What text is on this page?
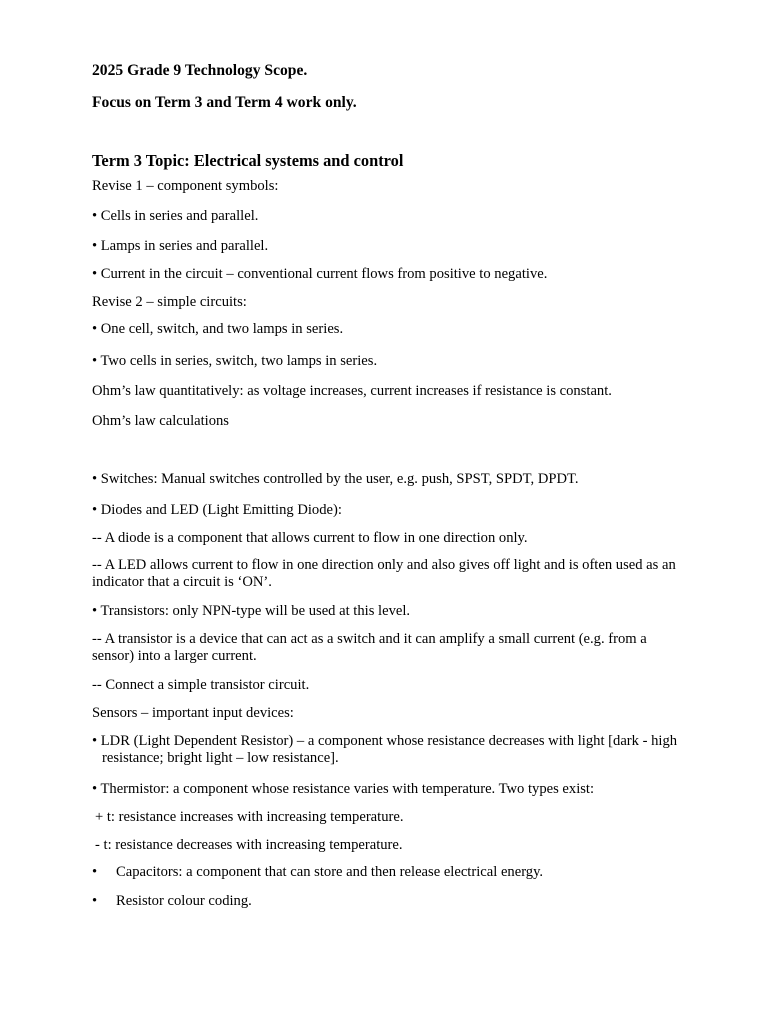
2025 Grade 9 Technology Scope.

Focus on Term 3 and Term 4 work only.

Term 3 Topic: Electrical systems and control

Revise 1 – component symbols:

• Cells in series and parallel.

• Lamps in series and parallel.

• Current in the circuit – conventional current flows from positive to negative.

Revise 2 – simple circuits:

• One cell, switch, and two lamps in series.

• Two cells in series, switch, two lamps in series.

Ohm’s law quantitatively: as voltage increases, current increases if resistance is constant.

Ohm’s law calculations

• Switches: Manual switches controlled by the user, e.g. push, SPST, SPDT, DPDT.

• Diodes and LED (Light Emitting Diode):

-- A diode is a component that allows current to flow in one direction only.

-- A LED allows current to flow in one direction only and also gives off light and is often used as an indicator that a circuit is ‘ON’.

• Transistors: only NPN-type will be used at this level.

-- A transistor is a device that can act as a switch and it can amplify a small current (e.g. from a sensor) into a larger current.

-- Connect a simple transistor circuit.

Sensors – important input devices:

• LDR (Light Dependent Resistor) – a component whose resistance decreases with light [dark - high resistance; bright light – low resistance].

• Thermistor: a component whose resistance varies with temperature. Two types exist:

+ t: resistance increases with increasing temperature.

- t: resistance decreases with increasing temperature.

• Capacitors: a component that can store and then release electrical energy.

• Resistor colour coding.
